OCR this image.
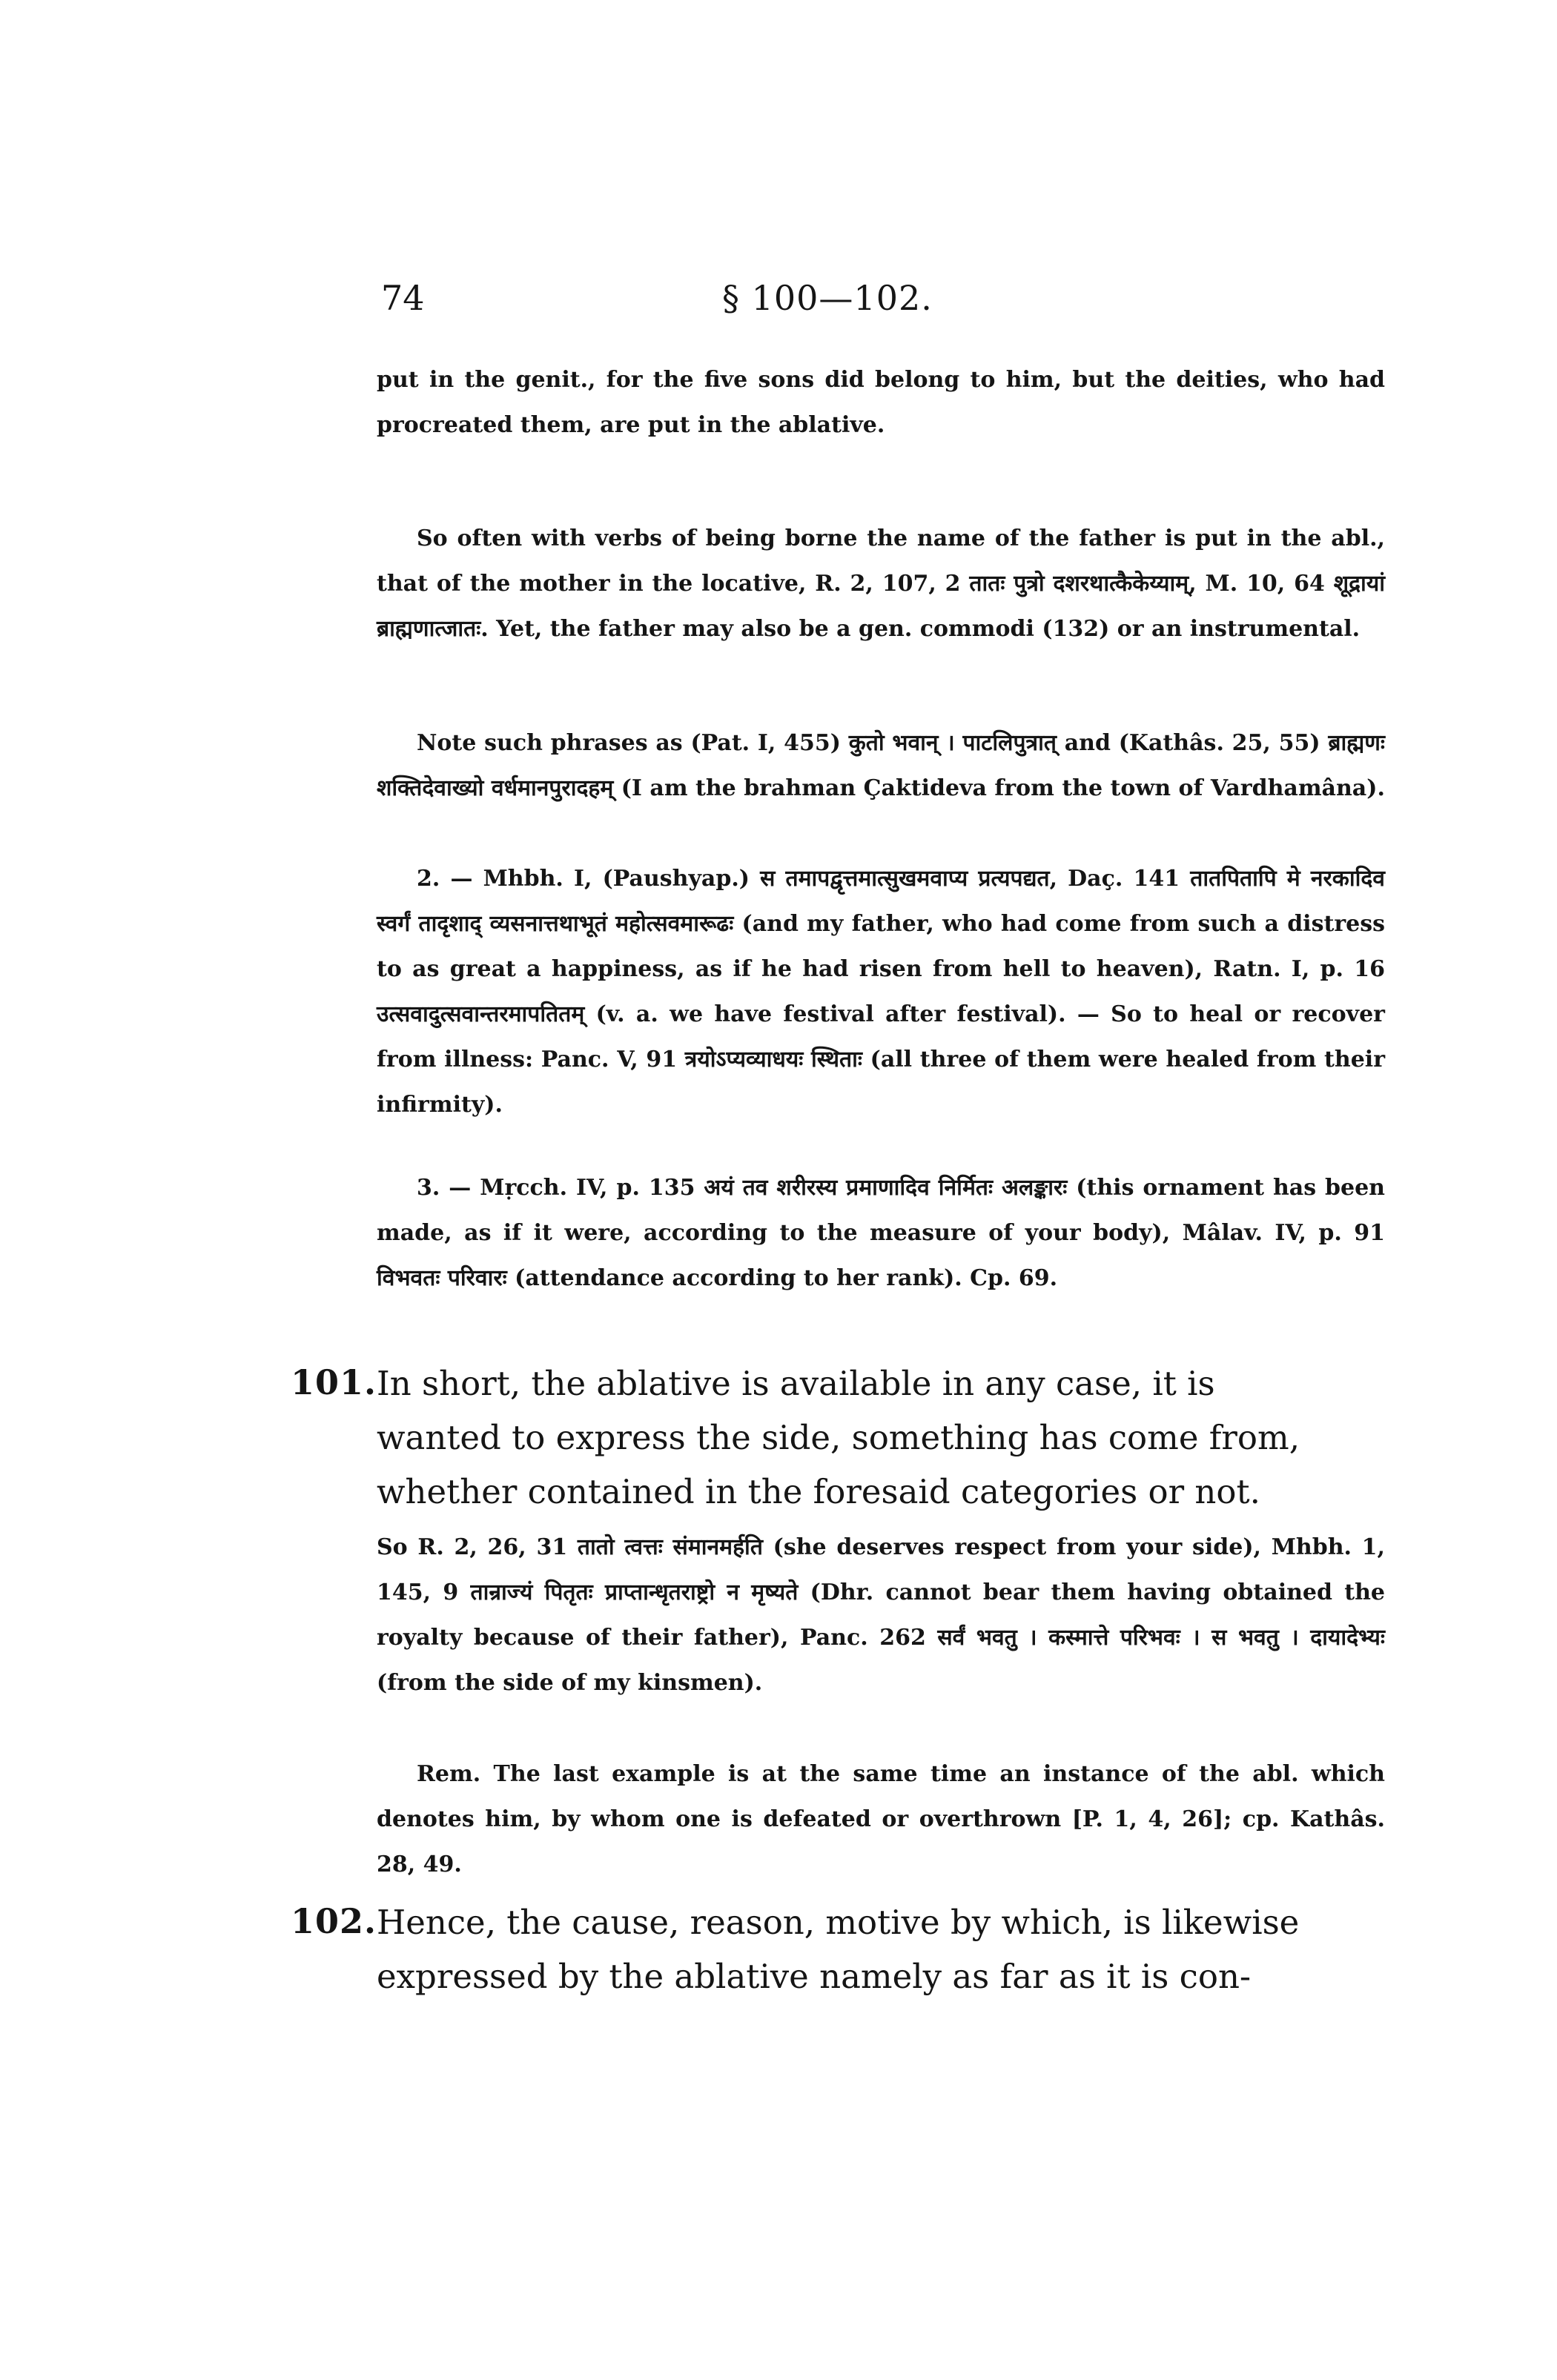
74	§ 100—102.

put in the genit., for the five sons did belong to him, but the deities, who had procreated them, are put in the ablative.

So often with verbs of being borne the name of the father is put in the abl., that of the mother in the locative, R. 2, 107, 2 तातः पुत्रो दशरथात्कैकेय्याम्, M. 10, 64 शूद्रायां ब्राह्मणात्जातः. Yet, the father may also be a gen. commodi (132) or an instrumental.

Note such phrases as (Pat. I, 455) कुतो भवान् । पाटलिपुत्रात् and (Kathâs. 25, 55) ब्राह्मणः शक्तिदेवाख्यो वर्धमानपुरादहम् (I am the brahman Çaktideva from the town of Vardhamâna).

2. — Mhbh. I, (Paushyap.) स तमापद्वृत्तमात्सुखमवाप्य प्रत्यपद्यत, Daç. 141 तातपितापि मे नरकादिव स्वर्गं तादृशाद् व्यसनात्तथाभूतं महोत्सवमारूढः (and my father, who had come from such a distress to as great a happiness, as if he had risen from hell to heaven), Ratn. I, p. 16 उत्सवादुत्सवान्तरमापतितम् (v. a. we have festival after festival). — So to heal or recover from illness: Panc. V, 91 त्रयोऽप्यव्याधयः स्थिताः (all three of them were healed from their infirmity).

3. — Mṛcch. IV, p. 135 अयं तव शरीरस्य प्रमाणादिव निर्मितः अलङ्कारः (this ornament has been made, as if it were, according to the measure of your body), Mâlav. IV, p. 91 विभवतः परिवारः (attendance according to her rank). Cp. 69.

101. In short, the ablative is available in any case, it is
wanted to express the side, something has come from,
whether contained in the foresaid categories or not.

So R. 2, 26, 31 तातो त्वत्तः संमानमर्हति (she deserves respect from your side), Mhbh. 1, 145, 9 तान्राज्यं पितृतः प्राप्तान्धृतराष्ट्रो न मृष्यते (Dhr. cannot bear them having obtained the royalty because of their father), Panc. 262 सर्वं भवतु । कस्मात्ते परिभवः । स भवतु । दायादेभ्यः (from the side of my kinsmen).

Rem. The last example is at the same time an instance of the abl. which denotes him, by whom one is defeated or overthrown [P. 1, 4, 26]; cp. Kathâs. 28, 49.

102. Hence, the cause, reason, motive by which, is likewise
expressed by the ablative namely as far as it is con-
